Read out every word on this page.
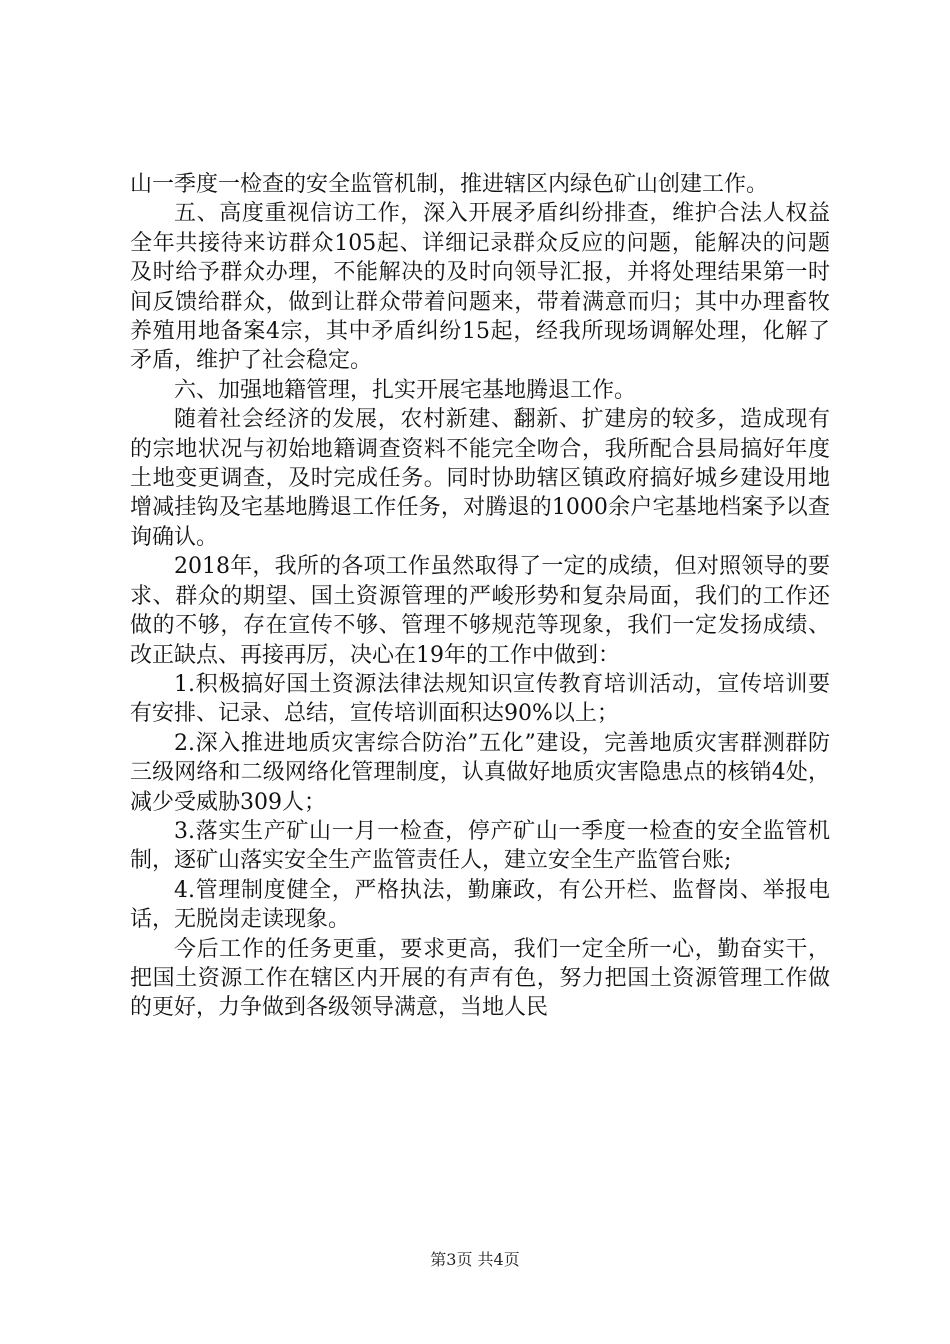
山一季度一检查的安全监管机制，推进辖区内绿色矿山创建工作。

五、高度重视信访工作，深入开展矛盾纠纷排查，维护合法人权益全年共接待来访群众105起、详细记录群众反应的问题，能解决的问题及时给予群众办理，不能解决的及时向领导汇报，并将处理结果第一时间反馈给群众，做到让群众带着问题来，带着满意而归；其中办理畜牧养殖用地备案4宗，其中矛盾纠纷15起，经我所现场调解处理，化解了矛盾，维护了社会稳定。

六、加强地籍管理，扎实开展宅基地腾退工作。

随着社会经济的发展，农村新建、翻新、扩建房的较多，造成现有的宗地状况与初始地籍调查资料不能完全吻合，我所配合县局搞好年度土地变更调查，及时完成任务。同时协助辖区镇政府搞好城乡建设用地增减挂钩及宅基地腾退工作任务，对腾退的1000余户宅基地档案予以查询确认。

2018年，我所的各项工作虽然取得了一定的成绩，但对照领导的要求、群众的期望、国土资源管理的严峻形势和复杂局面，我们的工作还做的不够，存在宣传不够、管理不够规范等现象，我们一定发扬成绩、改正缺点、再接再厉，决心在19年的工作中做到：

1.积极搞好国土资源法律法规知识宣传教育培训活动，宣传培训要有安排、记录、总结，宣传培训面积达90%以上；

2.深入推进地质灾害综合防治”五化”建设，完善地质灾害群测群防三级网络和二级网络化管理制度，认真做好地质灾害隐患点的核销4处，减少受威胁309人；

3.落实生产矿山一月一检查，停产矿山一季度一检查的安全监管机制，逐矿山落实安全生产监管责任人，建立安全生产监管台账;

4.管理制度健全，严格执法，勤廉政，有公开栏、监督岗、举报电话，无脱岗走读现象。

今后工作的任务更重，要求更高，我们一定全所一心，勤奋实干，把国土资源工作在辖区内开展的有声有色，努力把国土资源管理工作做的更好，力争做到各级领导满意，当地人民

第3页 共4页
